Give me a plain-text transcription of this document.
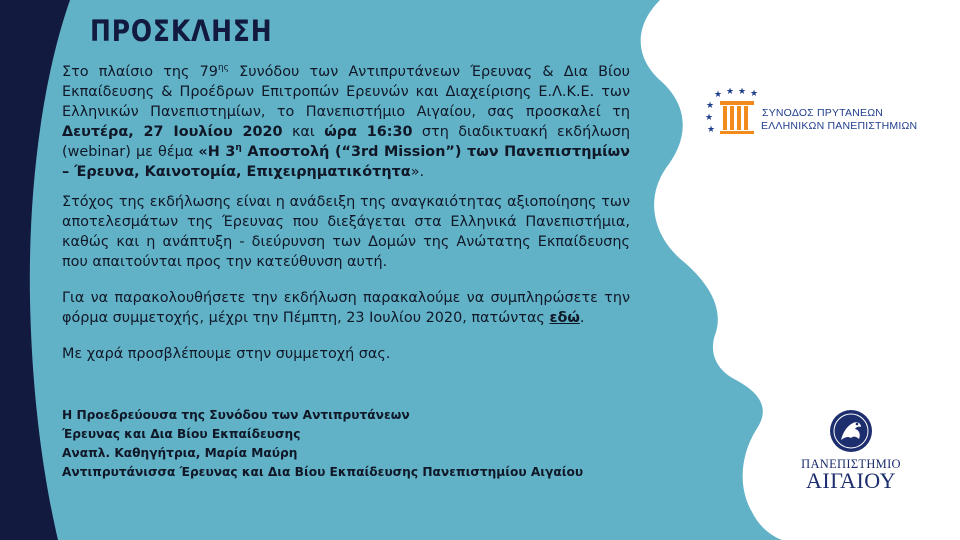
ΠΡΟΣΚΛΗΣΗ

Στο πλαίσιο της $79^{\eta\varsigma}$ Συνόδου των Αντιπρυτάνεων Έρευνας & Δια Βίου Εκπαίδευσης & Προέδρων Επιτροπών Ερευνών και Διαχείρισης Ε.Λ.Κ.Ε. των Ελληνικών Πανεπιστημίων, το Πανεπιστήμιο Αιγαίου, σας προσκαλεί τη Δευτέρα, 27 Ιουλίου 2020 και ώρα 16:30 στη διαδικτυακή εκδήλωση (webinar) με θέμα «Η $3^\eta$ Αποστολή (“3rd Mission”) των Πανεπιστημίων – Έρευνα, Καινοτομία, Επιχειρηματικότητα».

Στόχος της εκδήλωσης είναι η ανάδειξη της αναγκαιότητας αξιοποίησης των αποτελεσμάτων της Έρευνας που διεξάγεται στα Ελληνικά Πανεπιστήμια, καθώς και η ανάπτυξη - διεύρυνση των Δομών της Ανώτατης Εκπαίδευσης που απαιτούνται προς την κατεύθυνση αυτή.

Για να παρακολουθήσετε την εκδήλωση παρακαλούμε να συμπληρώσετε την φόρμα συμμετοχής, μέχρι την Πέμπτη, 23 Ιουλίου 2020, πατώντας εδώ.

Με χαρά προσβλέπουμε στην συμμετοχή σας.

Η Προεδρεύουσα της Συνόδου των Αντιπρυτάνεων
Έρευνας και Δια Βίου Εκπαίδευσης
Αναπλ. Καθηγήτρια, Μαρία Μαύρη
Αντιπρυτάνισσα Έρευνας και Δια Βίου Εκπαίδευσης Πανεπιστημίου Αιγαίου
★ ★ ★ ★
★
★
★
ΣΥΝΟΔΟΣ ΠΡΥΤΑΝΕΩΝ
ΕΛΛΗΝΙΚΩΝ ΠΑΝΕΠΙΣΤΗΜΙΩΝ
ΠΑΝΕΠΙΣΤΗΜΙΟ
ΑΙΓΑΙΟΥ
